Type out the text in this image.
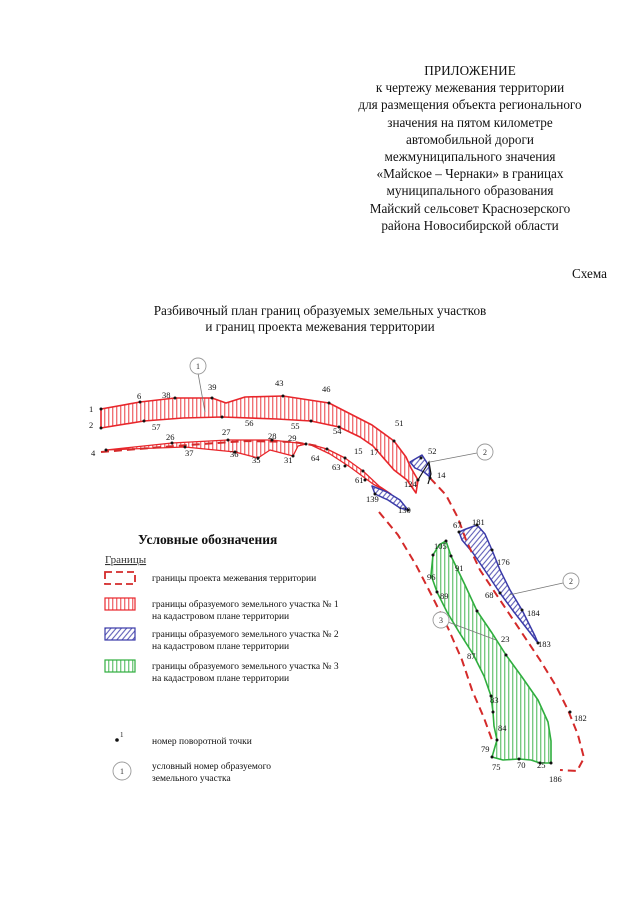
ПРИЛОЖЕНИЕ
к чертежу межевания территории
для размещения объекта регионального
значения на пятом километре
автомобильной дороги
межмуниципального значения
«Майское – Чернаки» в границах
муниципального образования
Майский сельсовет Краснозерского
района Новосибирской области
Схема
Разбивочный план границ образуемых земельных участков
и границ проекта межевания территории
1
2
4
6 38
39	43
46
51
52
14
57	56
54
26	27
37	36
35
28 29
31
55
15 17
64
63
61	124
139
130
105
96
91
89
67 181
176
68
184
183
23
87
83
84
79
75 70 25
186
182
1
2
2
3
Условные обозначения
Границы
границы проекта межевания территории
границы образуемого земельного участка № 1
на кадастровом плане территории
границы образуемого земельного участка № 2
на кадастровом плане территории
границы образуемого земельного участка № 3
на кадастровом плане территории
1
номер поворотной точки
1	условный номер образуемого
земельного участка
